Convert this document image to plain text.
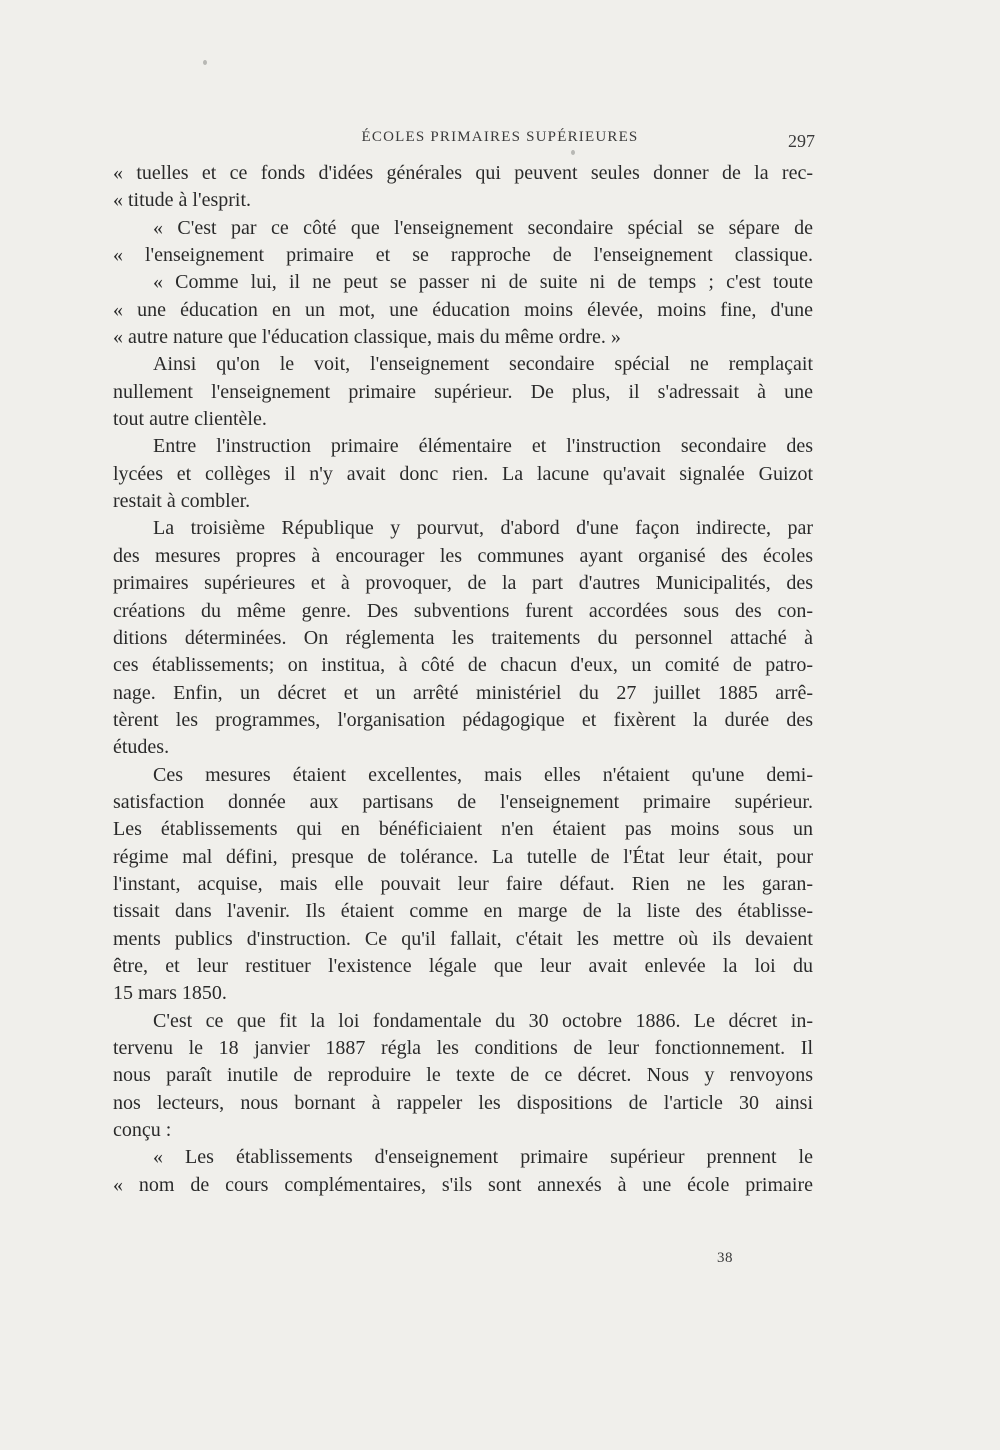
ÉCOLES PRIMAIRES SUPÉRIEURES	297
« tuelles et ce fonds d'idées générales qui peuvent seules donner de la rec-
« titude à l'esprit.
« C'est par ce côté que l'enseignement secondaire spécial se sépare de
« l'enseignement primaire et se rapproche de l'enseignement classique.
« Comme lui, il ne peut se passer ni de suite ni de temps ; c'est toute
« une éducation en un mot, une éducation moins élevée, moins fine, d'une
« autre nature que l'éducation classique, mais du même ordre. »
Ainsi qu'on le voit, l'enseignement secondaire spécial ne remplaçait
nullement l'enseignement primaire supérieur. De plus, il s'adressait à une
tout autre clientèle.
Entre l'instruction primaire élémentaire et l'instruction secondaire des
lycées et collèges il n'y avait donc rien. La lacune qu'avait signalée Guizot
restait à combler.
La troisième République y pourvut, d'abord d'une façon indirecte, par
des mesures propres à encourager les communes ayant organisé des écoles
primaires supérieures et à provoquer, de la part d'autres Municipalités, des
créations du même genre. Des subventions furent accordées sous des con-
ditions déterminées. On réglementa les traitements du personnel attaché à
ces établissements; on institua, à côté de chacun d'eux, un comité de patro-
nage. Enfin, un décret et un arrêté ministériel du 27 juillet 1885 arrê-
tèrent les programmes, l'organisation pédagogique et fixèrent la durée des
études.
Ces mesures étaient excellentes, mais elles n'étaient qu'une demi-
satisfaction donnée aux partisans de l'enseignement primaire supérieur.
Les établissements qui en bénéficiaient n'en étaient pas moins sous un
régime mal défini, presque de tolérance. La tutelle de l'État leur était, pour
l'instant, acquise, mais elle pouvait leur faire défaut. Rien ne les garan-
tissait dans l'avenir. Ils étaient comme en marge de la liste des établisse-
ments publics d'instruction. Ce qu'il fallait, c'était les mettre où ils devaient
être, et leur restituer l'existence légale que leur avait enlevée la loi du
15 mars 1850.
C'est ce que fit la loi fondamentale du 30 octobre 1886. Le décret in-
tervenu le 18 janvier 1887 régla les conditions de leur fonctionnement. Il
nous paraît inutile de reproduire le texte de ce décret. Nous y renvoyons
nos lecteurs, nous bornant à rappeler les dispositions de l'article 30 ainsi
conçu :
« Les établissements d'enseignement primaire supérieur prennent le
« nom de cours complémentaires, s'ils sont annexés à une école primaire
38
